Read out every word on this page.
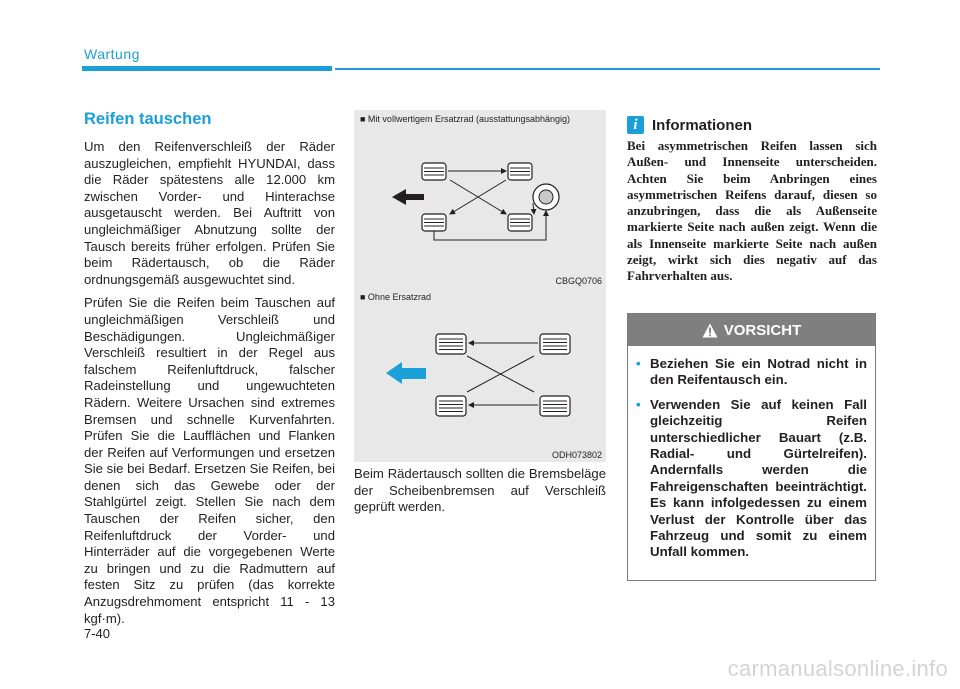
Wartung
Reifen tauschen

Um den Reifenverschleiß der Räder auszugleichen, empfiehlt HYUNDAI, dass die Räder spätestens alle 12.000 km zwischen Vorder- und Hinterachse ausgetauscht werden. Bei Auftritt von ungleichmäßiger Abnutzung sollte der Tausch bereits früher erfolgen. Prüfen Sie beim Rädertausch, ob die Räder ordnungsgemäß ausgewuchtet sind.

Prüfen Sie die Reifen beim Tauschen auf ungleichmäßigen Verschleiß und Beschädigungen. Ungleichmäßiger Verschleiß resultiert in der Regel aus falschem Reifenluftdruck, falscher Radeinstellung und ungewuchteten Rädern. Weitere Ursachen sind extremes Bremsen und schnelle Kurvenfahrten. Prüfen Sie die Laufflächen und Flanken der Reifen auf Verformungen und ersetzen Sie sie bei Bedarf. Ersetzen Sie Reifen, bei denen sich das Gewebe oder der Stahlgürtel zeigt. Stellen Sie nach dem Tauschen der Reifen sicher, den Reifenluftdruck der Vorder- und Hinterräder auf die vorgegebenen Werte zu bringen und zu die Radmuttern auf festen Sitz zu prüfen (das korrekte Anzugsdrehmoment entspricht 11 - 13 kgf·m).

■ Mit vollwertigem Ersatzrad (ausstattungsabhängig)
CBGQ0706
■ Ohne Ersatzrad
ODH073802

Beim Rädertausch sollten die Bremsbeläge der Scheibenbremsen auf Verschleiß geprüft werden.

i Informationen

Bei asymmetrischen Reifen lassen sich Außen- und Innenseite unterscheiden. Achten Sie beim Anbringen eines asymmetrischen Reifens darauf, diesen so anzubringen, dass die als Außenseite markierte Seite nach außen zeigt. Wenn die als Innenseite markierte Seite nach außen zeigt, wirkt sich dies negativ auf das Fahrverhalten aus.

VORSICHT
• Beziehen Sie ein Notrad nicht in den Reifentausch ein.
• Verwenden Sie auf keinen Fall gleichzeitig Reifen unterschiedlicher Bauart (z.B. Radial- und Gürtelreifen). Andernfalls werden die Fahreigenschaften beeinträchtigt. Es kann infolgedessen zu einem Verlust der Kontrolle über das Fahrzeug und somit zu einem Unfall kommen.
7-40
carmanualsonline.info
